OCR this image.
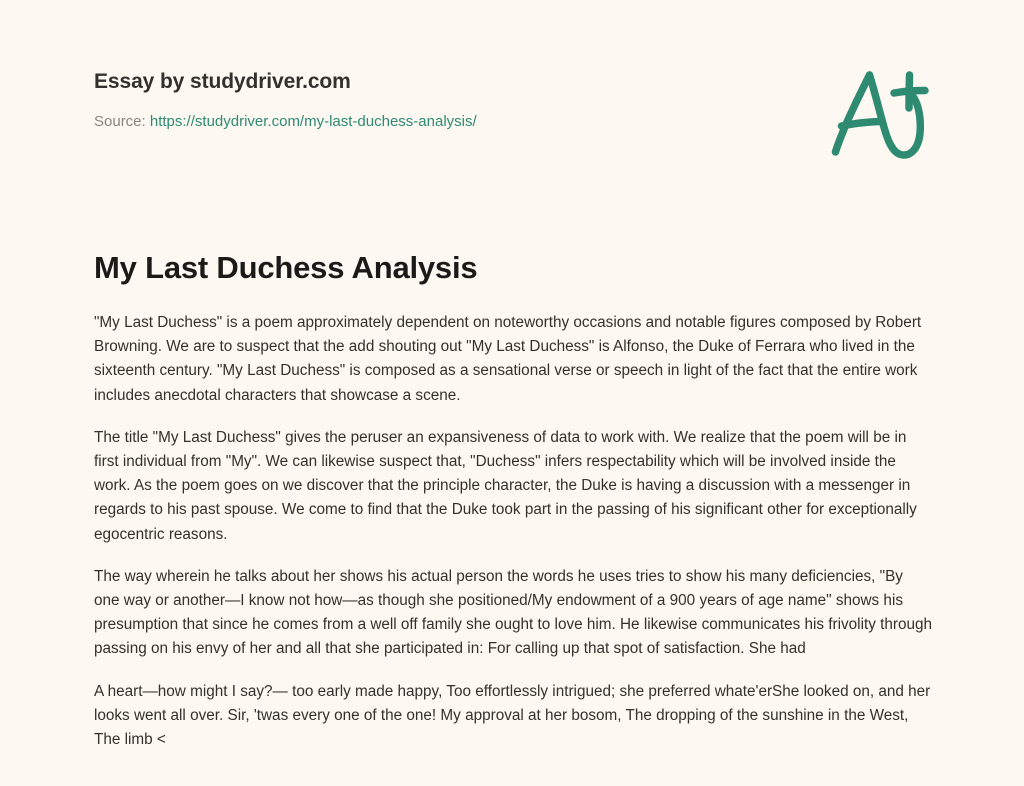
Essay by studydriver.com
Source: https://studydriver.com/my-last-duchess-analysis/
My Last Duchess Analysis

"My Last Duchess" is a poem approximately dependent on noteworthy occasions and notable figures composed by Robert Browning. We are to suspect that the add shouting out "My Last Duchess" is Alfonso, the Duke of Ferrara who lived in the sixteenth century. "My Last Duchess" is composed as a sensational verse or speech in light of the fact that the entire work includes anecdotal characters that showcase a scene.

The title "My Last Duchess" gives the peruser an expansiveness of data to work with. We realize that the poem will be in first individual from "My". We can likewise suspect that, "Duchess" infers respectability which will be involved inside the work. As the poem goes on we discover that the principle character, the Duke is having a discussion with a messenger in regards to his past spouse. We come to find that the Duke took part in the passing of his significant other for exceptionally egocentric reasons.

The way wherein he talks about her shows his actual person the words he uses tries to show his many deficiencies, "By one way or another—I know not how—as though she positioned/My endowment of a 900 years of age name" shows his presumption that since he comes from a well off family she ought to love him. He likewise communicates his frivolity through passing on his envy of her and all that she participated in: For calling up that spot of satisfaction. She had

A heart—how might I say?— too early made happy, Too effortlessly intrigued; she preferred whate'erShe looked on, and her looks went all over. Sir, 'twas every one of the one! My approval at her bosom, The dropping of the sunshine in the West, The limb <
